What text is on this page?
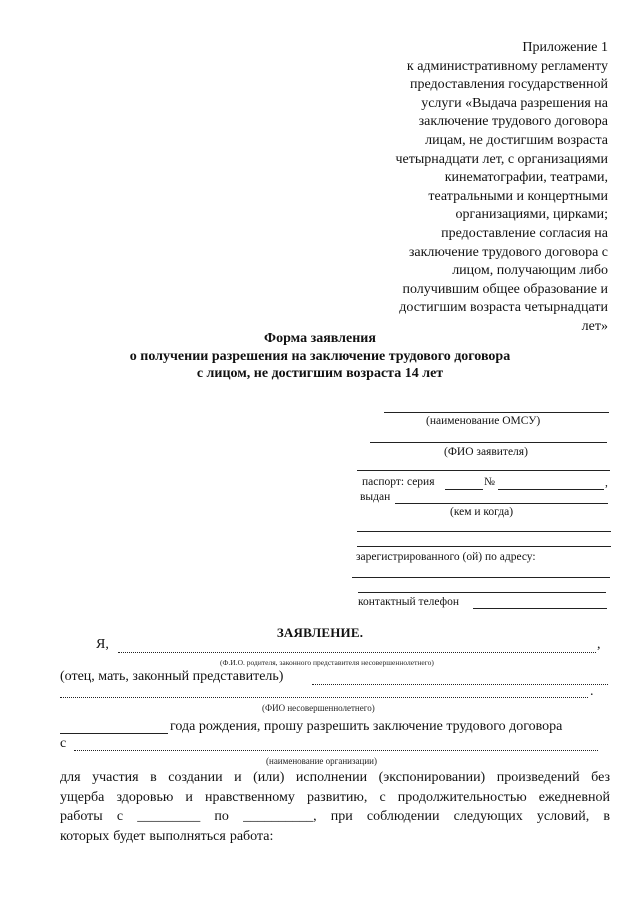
Приложение 1
к административному регламенту
предоставления государственной
услуги «Выдача разрешения на
заключение трудового договора
лицам, не достигшим возраста
четырнадцати лет, с организациями
кинематографии, театрами,
театральными и концертными
организациями, цирками;
предоставление согласия на
заключение трудового договора с
лицом, получающим либо
получившим общее образование и
достигшим возраста четырнадцати
лет»
Форма заявления
о получении разрешения на заключение трудового договора
с лицом, не достигшим возраста 14 лет
(наименование ОМСУ)
(ФИО заявителя)
паспорт: серия	№	,
выдан
(кем и когда)
зарегистрированного (ой) по адресу:
контактный телефон
ЗАЯВЛЕНИЕ.
Я,	,
(Ф.И.О. родителя, законного представителя несовершеннолетнего)
(отец, мать, законный представитель)
.
(ФИО несовершеннолетнего)
года рождения, прошу разрешить заключение трудового договора
с
(наименование организации)
для участия в создании и (или) исполнении (экспонировании) произведений без
ущерба здоровью и нравственному развитию, с продолжительностью ежедневной
работы с _________ по __________, при соблюдении следующих условий, в
которых будет выполняться работа:
